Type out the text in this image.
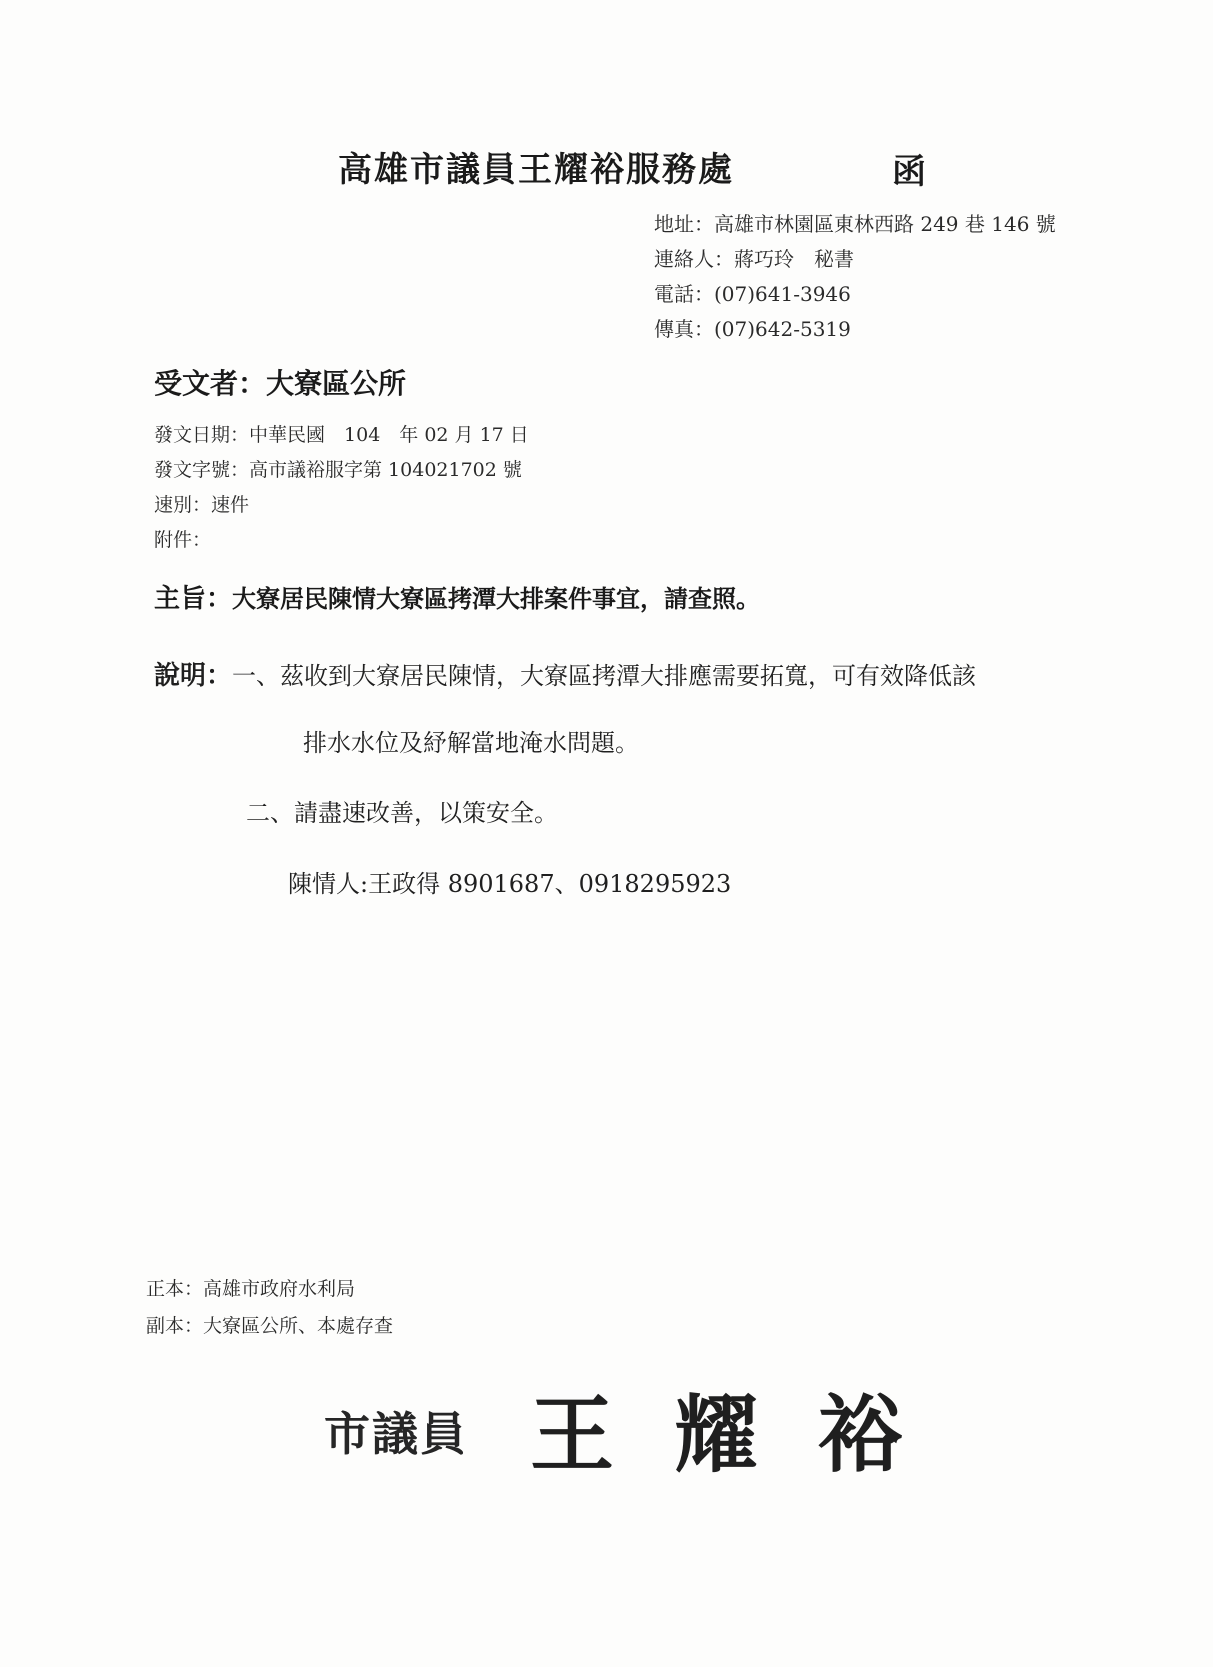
高雄市議員王耀裕服務處	函
地址：高雄市林園區東林西路 249 巷 146 號
連絡人：蔣巧玲　秘書
電話：(07)641-3946
傳真：(07)642-5319
受文者：大寮區公所
發文日期：中華民國　104　年 02 月 17 日
發文字號：高市議裕服字第 104021702 號
速別：速件
附件：
主旨：大寮居民陳情大寮區拷潭大排案件事宜，請查照。
說明：一、茲收到大寮居民陳情，大寮區拷潭大排應需要拓寬，可有效降低該
排水水位及紓解當地淹水問題。
二、請盡速改善，以策安全。
陳情人:王政得 8901687、0918295923
正本：高雄市政府水利局
副本：大寮區公所、本處存查
市議員 王 耀 裕
